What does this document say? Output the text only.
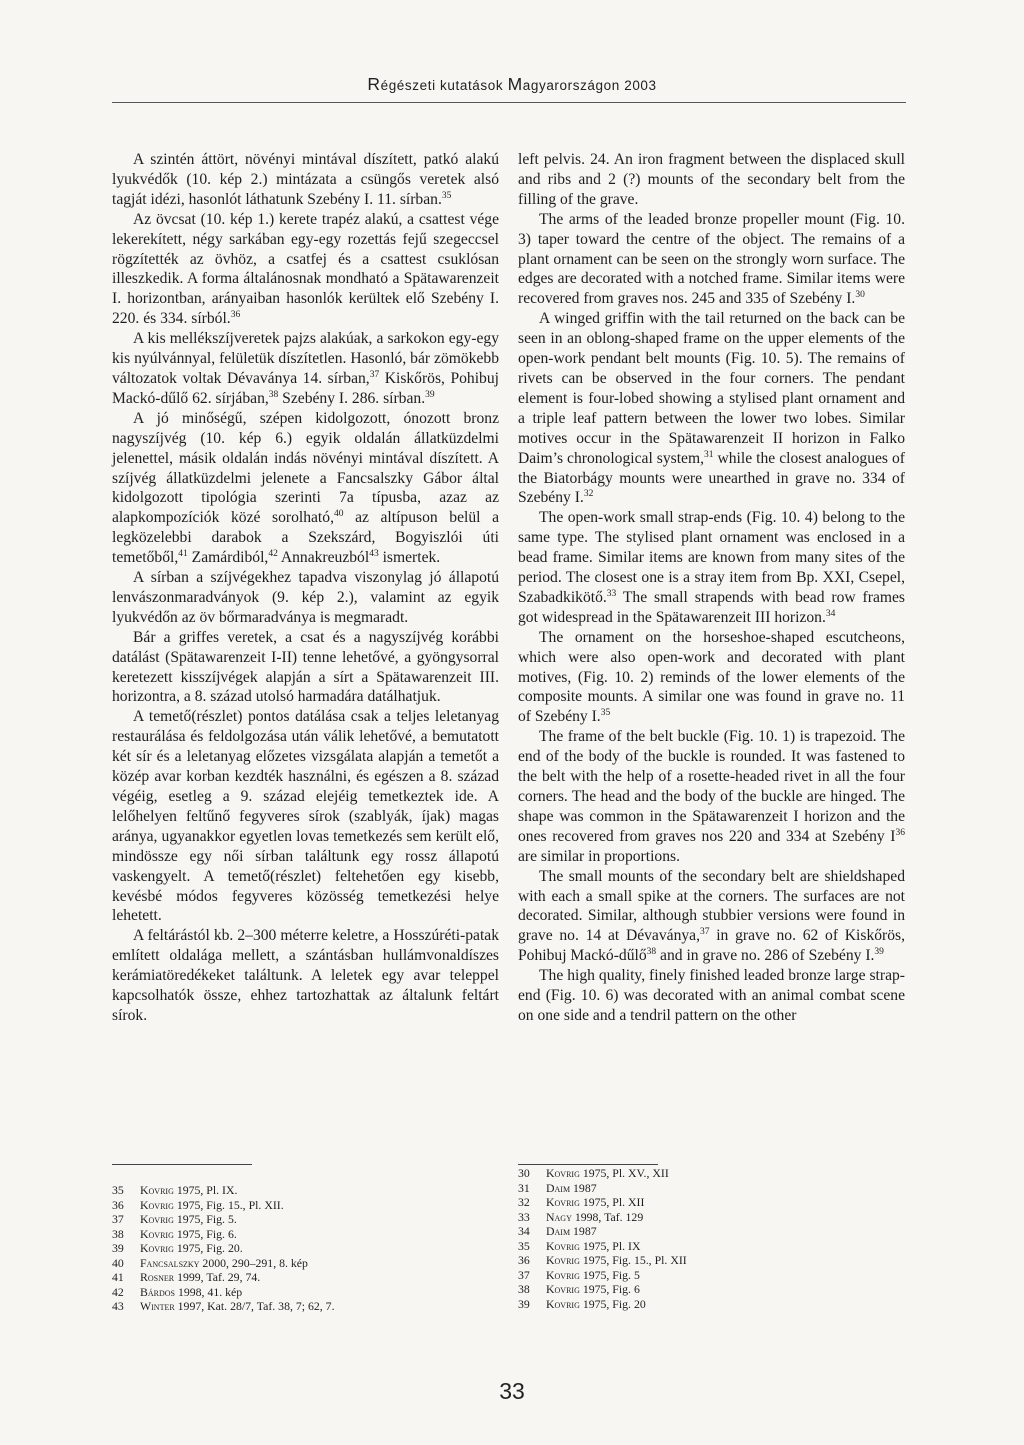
Régészeti kutatások Magyarországon 2003

A szintén áttört, növényi mintával díszített, patkó alakú lyukvédők (10. kép 2.) mintázata a csüngős veretek alsó tagját idézi, hasonlót láthatunk Szebény I. 11. sírban.$^{35}$

Az övcsat (10. kép 1.) kerete trapéz alakú, a csattest vége lekerekített, négy sarkában egy-egy rozettás fejű szegeccsel rögzítették az övhöz, a csatfej és a csattest csuklósan illeszkedik. A forma általánosnak mondható a Spätawarenzeit I. horizontban, arányaiban hasonlók kerültek elő Szebény I. 220. és 334. sírból.$^{36}$

A kis mellékszíjveretek pajzs alakúak, a sarkokon egy-egy kis nyúlvánnyal, felületük díszítetlen. Hasonló, bár zömökebb változatok voltak Dévaványa 14. sírban,$^{37}$ Kiskőrös, Pohibuj Mackó-dűlő 62. sírjában,$^{38}$ Szebény I. 286. sírban.$^{39}$

A jó minőségű, szépen kidolgozott, ónozott bronz nagyszíjvég (10. kép 6.) egyik oldalán állatküzdelmi jelenettel, másik oldalán indás növényi mintával díszített. A szíjvég állatküzdelmi jelenete a Fancsalszky Gábor által kidolgozott tipológia szerinti 7a típusba, azaz az alapkompozíciók közé sorolható,$^{40}$ az altípuson belül a legközelebbi darabok a Szekszárd, Bogyiszlói úti temetőből,$^{41}$ Zamárdiból,$^{42}$ Annakreuzból$^{43}$ ismertek.

A sírban a szíjvégekhez tapadva viszonylag jó állapotú lenvászonmaradványok (9. kép 2.), valamint az egyik lyukvédőn az öv bőrmaradványa is megmaradt.

Bár a griffes veretek, a csat és a nagyszíjvég korábbi datálást (Spätawarenzeit I-II) tenne lehetővé, a gyöngysorral keretezett kisszíjvégek alapján a sírt a Spätawarenzeit III. horizontra, a 8. század utolsó harmadára datálhatjuk.

A temető(részlet) pontos datálása csak a teljes leletanyag restaurálása és feldolgozása után válik lehetővé, a bemutatott két sír és a leletanyag előzetes vizsgálata alapján a temetőt a közép avar korban kezdték használni, és egészen a 8. század végéig, esetleg a 9. század elejéig temetkeztek ide. A lelőhelyen feltűnő fegyveres sírok (szablyák, íjak) magas aránya, ugyanakkor egyetlen lovas temetkezés sem került elő, mindössze egy női sírban találtunk egy rossz állapotú vaskengyelt. A temető(részlet) feltehetően egy kisebb, kevésbé módos fegyveres közösség temetkezési helye lehetett.

A feltárástól kb. 2–300 méterre keletre, a Hosszúréti-patak említett oldalága mellett, a szántásban hullámvonaldíszes kerámiatöredékeket találtunk. A leletek egy avar teleppel kapcsolhatók össze, ehhez tartozhattak az általunk feltárt sírok.

left pelvis. 24. An iron fragment between the displaced skull and ribs and 2 (?) mounts of the secondary belt from the filling of the grave.

The arms of the leaded bronze propeller mount (Fig. 10. 3) taper toward the centre of the object. The remains of a plant ornament can be seen on the strongly worn surface. The edges are decorated with a notched frame. Similar items were recovered from graves nos. 245 and 335 of Szebény I.$^{30}$

A winged griffin with the tail returned on the back can be seen in an oblong-shaped frame on the upper elements of the open-work pendant belt mounts (Fig. 10. 5). The remains of rivets can be observed in the four corners. The pendant element is four-lobed showing a stylised plant ornament and a triple leaf pattern between the lower two lobes. Similar motives occur in the Spätawarenzeit II horizon in Falko Daim’s chronological system,$^{31}$ while the closest analogues of the Biatorbágy mounts were unearthed in grave no. 334 of Szebény I.$^{32}$

The open-work small strap-ends (Fig. 10. 4) belong to the same type. The stylised plant ornament was enclosed in a bead frame. Similar items are known from many sites of the period. The closest one is a stray item from Bp. XXI, Csepel, Szabadkikötő.$^{33}$ The small strapends with bead row frames got widespread in the Spätawarenzeit III horizon.$^{34}$

The ornament on the horseshoe-shaped escutcheons, which were also open-work and decorated with plant motives, (Fig. 10. 2) reminds of the lower elements of the composite mounts. A similar one was found in grave no. 11 of Szebény I.$^{35}$

The frame of the belt buckle (Fig. 10. 1) is trapezoid. The end of the body of the buckle is rounded. It was fastened to the belt with the help of a rosette-headed rivet in all the four corners. The head and the body of the buckle are hinged. The shape was common in the Spätawarenzeit I horizon and the ones recovered from graves nos 220 and 334 at Szebény $I^{36}$ are similar in proportions.

The small mounts of the secondary belt are shieldshaped with each a small spike at the corners. The surfaces are not decorated. Similar, although stubbier versions were found in grave no. 14 at Dévaványa,$^{37}$ in grave no. 62 of Kiskőrös, Pohibuj Mackó-dűlő$^{38}$ and in grave no. 286 of Szebény I.$^{39}$

The high quality, finely finished leaded bronze large strap-end (Fig. 10. 6) was decorated with an animal combat scene on one side and a tendril pattern on the other

35	Kovrig 1975, Pl. IX.
36	Kovrig 1975, Fig. 15., Pl. XII.
37	Kovrig 1975, Fig. 5.
38	Kovrig 1975, Fig. 6.
39	Kovrig 1975, Fig. 20.
40	Fancsalszky 2000, 290–291, 8. kép
41	Rosner 1999, Taf. 29, 74.
42	Bárdos 1998, 41. kép
43	Winter 1997, Kat. 28/7, Taf. 38, 7; 62, 7.
30	Kovrig 1975, Pl. XV., XII
31	Daim 1987
32	Kovrig 1975, Pl. XII
33	Nagy 1998, Taf. 129
34	Daim 1987
35	Kovrig 1975, Pl. IX
36	Kovrig 1975, Fig. 15., Pl. XII
37	Kovrig 1975, Fig. 5
38	Kovrig 1975, Fig. 6
39	Kovrig 1975, Fig. 20
33
